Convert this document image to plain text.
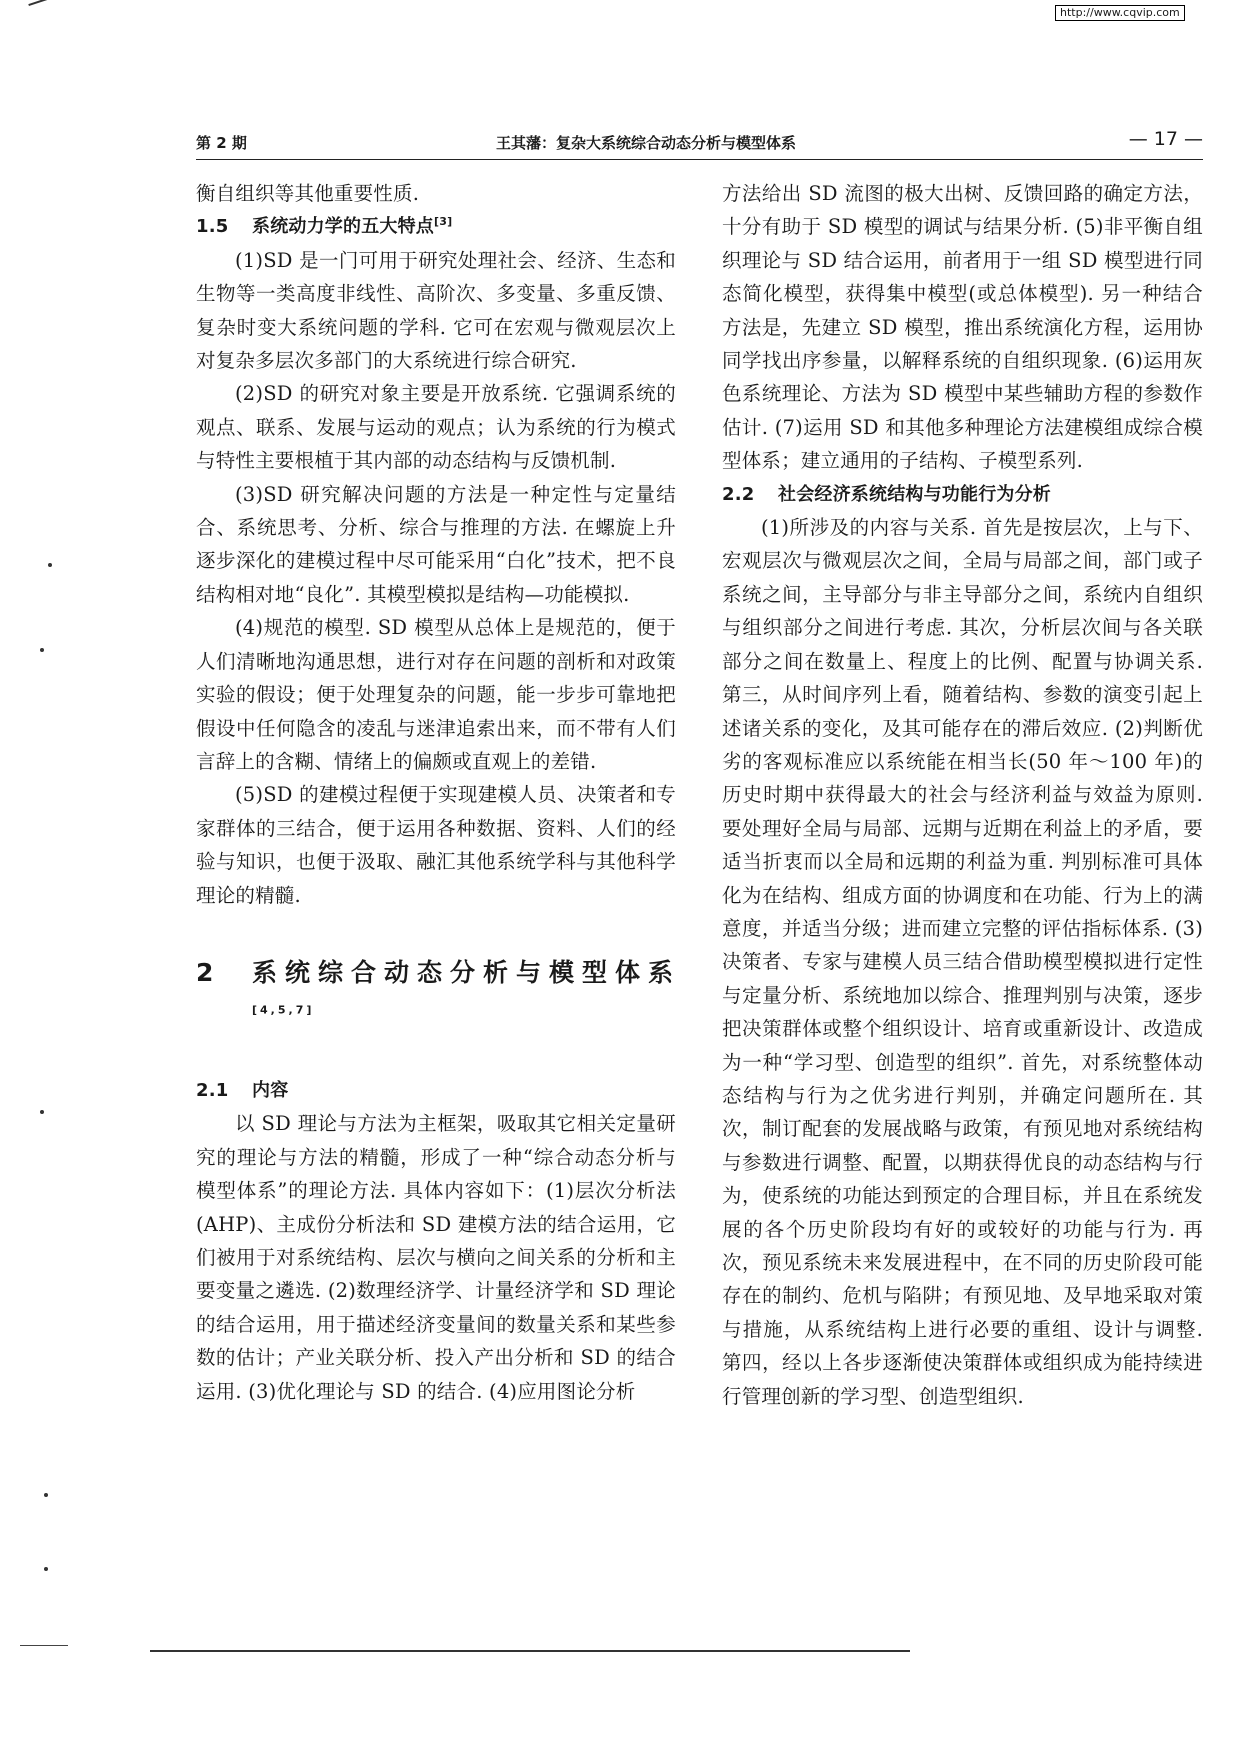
http://www.cqvip.com
第 2 期	王其藩：复杂大系统综合动态分析与模型体系	— 17 —

衡自组织等其他重要性质.

1.5 系统动力学的五大特点[3]

(1)SD 是一门可用于研究处理社会、经济、生态和生物等一类高度非线性、高阶次、多变量、多重反馈、复杂时变大系统问题的学科. 它可在宏观与微观层次上对复杂多层次多部门的大系统进行综合研究.

(2)SD 的研究对象主要是开放系统. 它强调系统的观点、联系、发展与运动的观点；认为系统的行为模式与特性主要根植于其内部的动态结构与反馈机制.

(3)SD 研究解决问题的方法是一种定性与定量结合、系统思考、分析、综合与推理的方法. 在螺旋上升逐步深化的建模过程中尽可能采用“白化”技术，把不良结构相对地“良化”. 其模型模拟是结构—功能模拟.

(4)规范的模型. SD 模型从总体上是规范的，便于人们清晰地沟通思想，进行对存在问题的剖析和对政策实验的假设；便于处理复杂的问题，能一步步可靠地把假设中任何隐含的凌乱与迷津追索出来，而不带有人们言辞上的含糊、情绪上的偏颇或直观上的差错.

(5)SD 的建模过程便于实现建模人员、决策者和专家群体的三结合，便于运用各种数据、资料、人们的经验与知识，也便于汲取、融汇其他系统学科与其他科学理论的精髓.

2	系统综合动态分析与模型体系[4,5,7]
2.1 内容

以 SD 理论与方法为主框架，吸取其它相关定量研究的理论与方法的精髓，形成了一种“综合动态分析与模型体系”的理论方法. 具体内容如下：(1)层次分析法(AHP)、主成份分析法和 SD 建模方法的结合运用，它们被用于对系统结构、层次与横向之间关系的分析和主要变量之遴选. (2)数理经济学、计量经济学和 SD 理论的结合运用，用于描述经济变量间的数量关系和某些参数的估计；产业关联分析、投入产出分析和 SD 的结合运用. (3)优化理论与 SD 的结合. (4)应用图论分析

方法给出 SD 流图的极大出树、反馈回路的确定方法，十分有助于 SD 模型的调试与结果分析. (5)非平衡自组织理论与 SD 结合运用，前者用于一组 SD 模型进行同态简化模型，获得集中模型(或总体模型). 另一种结合方法是，先建立 SD 模型，推出系统演化方程，运用协同学找出序参量，以解释系统的自组织现象. (6)运用灰色系统理论、方法为 SD 模型中某些辅助方程的参数作估计. (7)运用 SD 和其他多种理论方法建模组成综合模型体系；建立通用的子结构、子模型系列.

2.2 社会经济系统结构与功能行为分析

(1)所涉及的内容与关系. 首先是按层次，上与下、宏观层次与微观层次之间，全局与局部之间，部门或子系统之间，主导部分与非主导部分之间，系统内自组织与组织部分之间进行考虑. 其次，分析层次间与各关联部分之间在数量上、程度上的比例、配置与协调关系. 第三，从时间序列上看，随着结构、参数的演变引起上述诸关系的变化，及其可能存在的滞后效应. (2)判断优劣的客观标准应以系统能在相当长(50 年～100 年)的历史时期中获得最大的社会与经济利益与效益为原则. 要处理好全局与局部、远期与近期在利益上的矛盾，要适当折衷而以全局和远期的利益为重. 判别标准可具体化为在结构、组成方面的协调度和在功能、行为上的满意度，并适当分级；进而建立完整的评估指标体系. (3)决策者、专家与建模人员三结合借助模型模拟进行定性与定量分析、系统地加以综合、推理判别与决策，逐步把决策群体或整个组织设计、培育或重新设计、改造成为一种“学习型、创造型的组织”. 首先，对系统整体动态结构与行为之优劣进行判别，并确定问题所在. 其次，制订配套的发展战略与政策，有预见地对系统结构与参数进行调整、配置，以期获得优良的动态结构与行为，使系统的功能达到预定的合理目标，并且在系统发展的各个历史阶段均有好的或较好的功能与行为. 再次，预见系统未来发展进程中，在不同的历史阶段可能存在的制约、危机与陷阱；有预见地、及早地采取对策与措施，从系统结构上进行必要的重组、设计与调整. 第四，经以上各步逐渐使决策群体或组织成为能持续进行管理创新的学习型、创造型组织.
